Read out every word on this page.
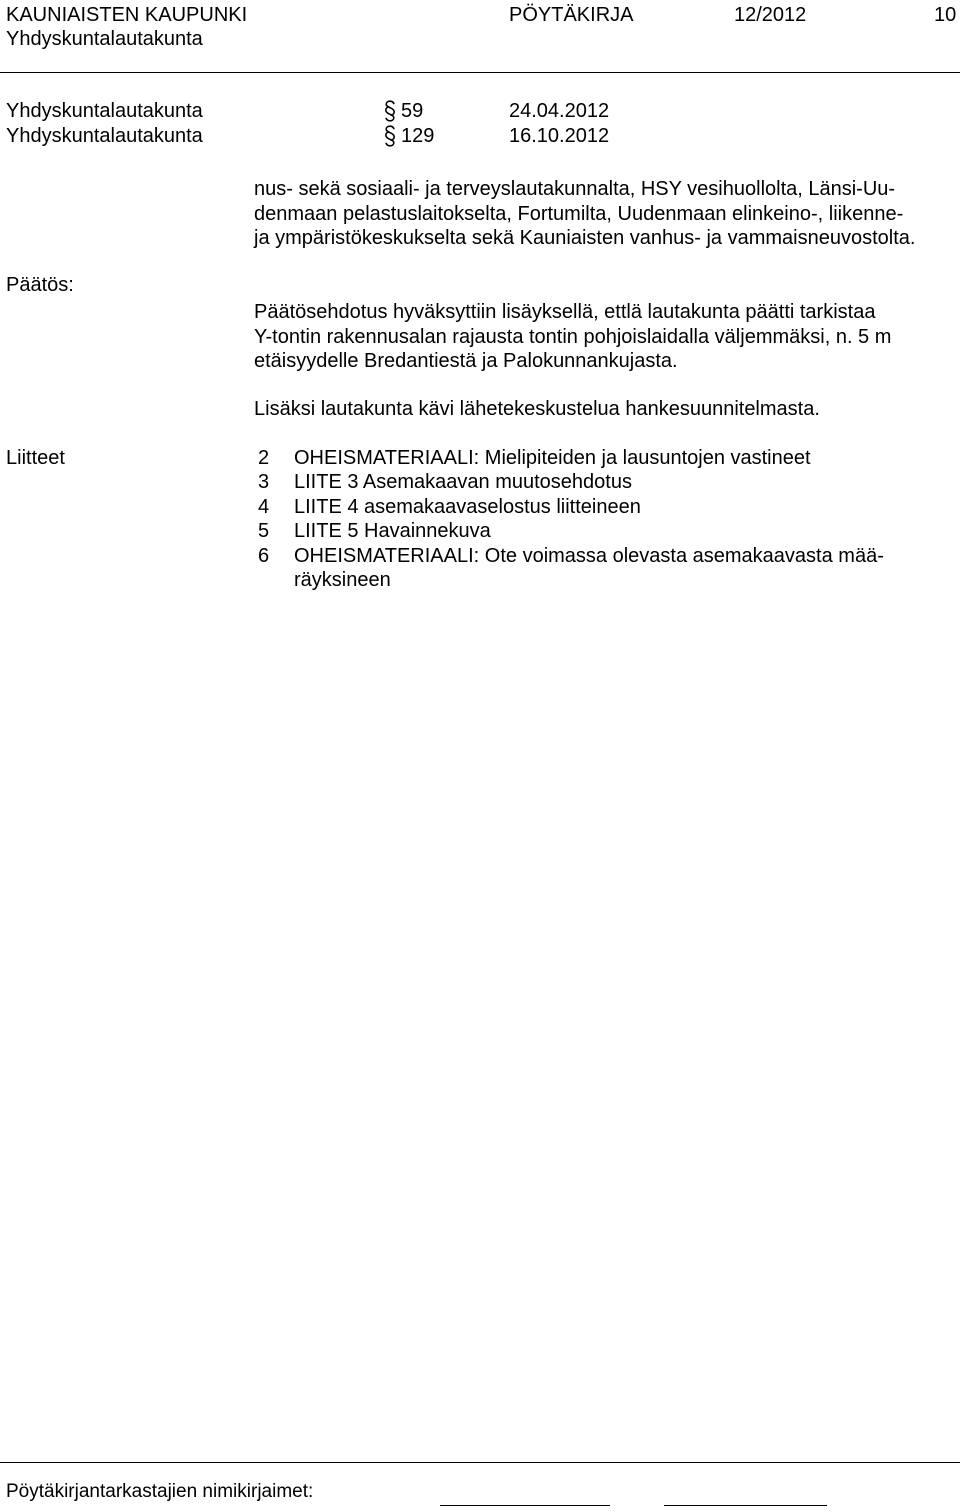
KAUNIAISTEN KAUPUNKI
Yhdyskuntalautakunta
PÖYTÄKIRJA	12/2012	10
Yhdyskuntalautakunta	59	24.04.2012
Yhdyskuntalautakunta	129	16.10.2012
nus- sekä sosiaali- ja terveyslautakunnalta, HSY vesihuollolta, Länsi-Uu-
denmaan pelastuslaitokselta, Fortumilta, Uudenmaan elinkeino-, liikenne-
ja ympäristökeskukselta sekä Kauniaisten vanhus- ja vammaisneuvostolta.
Päätös:
Päätösehdotus hyväksyttiin lisäyksellä, ettlä lautakunta päätti tarkistaa
Y-tontin rakennusalan rajausta tontin pohjoislaidalla väljemmäksi, n. 5 m
etäisyydelle Bredantiestä ja Palokunnankujasta.
Lisäksi lautakunta kävi lähetekeskustelua hankesuunnitelmasta.
Liitteet	2 OHEISMATERIAALI: Mielipiteiden ja lausuntojen vastineet
3 LIITE 3 Asemakaavan muutosehdotus
4 LIITE 4 asemakaavaselostus liitteineen
5 LIITE 5 Havainnekuva
6 OHEISMATERIAALI: Ote voimassa olevasta asemakaavasta mää-
räyksineen
Pöytäkirjantarkastajien nimikirjaimet:
